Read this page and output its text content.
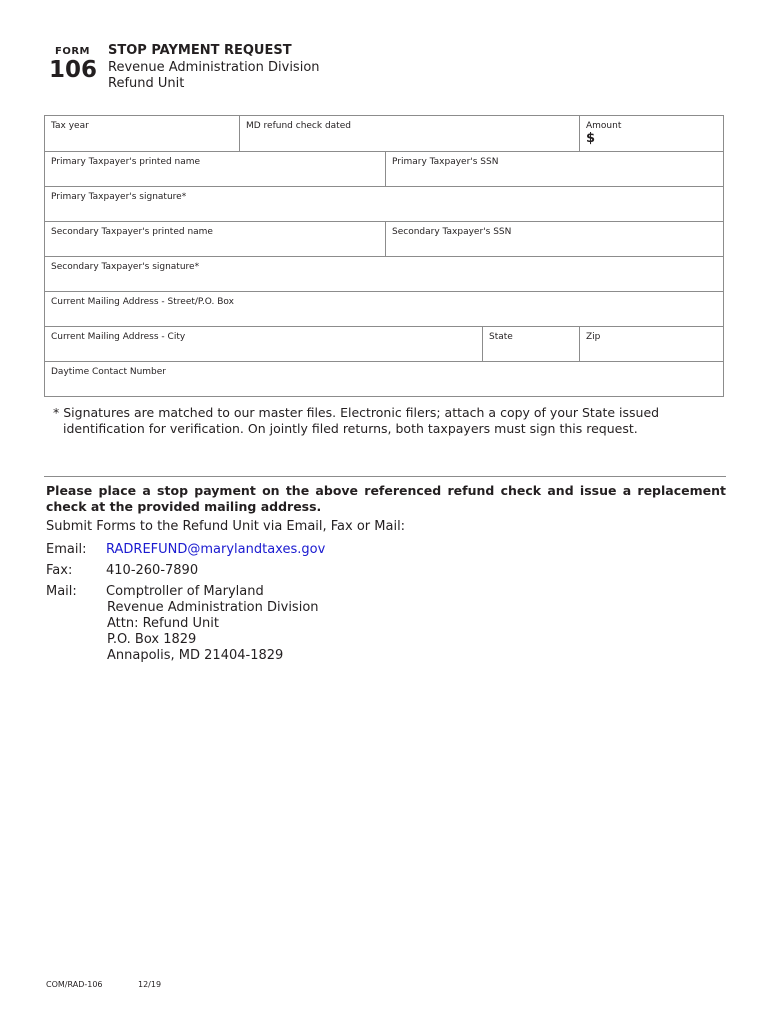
FORM
106
STOP PAYMENT REQUEST
Revenue Administration Division
Refund Unit
Tax year	MD refund check dated	Amount
$
Primary Taxpayer's printed name	Primary Taxpayer's SSN
Primary Taxpayer's signature*
Secondary Taxpayer's printed name	Secondary Taxpayer's SSN
Secondary Taxpayer's signature*
Current Mailing Address - Street/P.O. Box
Current Mailing Address - City	State	Zip
Daytime Contact Number
* Signatures are matched to our master files. Electronic filers; attach a copy of your State issued
identification for verification. On jointly filed returns, both taxpayers must sign this request.
Please place a stop payment on the above referenced refund check and issue a replacement check at the provided mailing address.
Submit Forms to the Refund Unit via Email, Fax or Mail:
Email: RADREFUND@marylandtaxes.gov
Fax:	410-260-7890
Mail: Comptroller of Maryland
Revenue Administration Division
Attn: Refund Unit
P.O. Box 1829
Annapolis, MD 21404-1829
COM/RAD-106	12/19
